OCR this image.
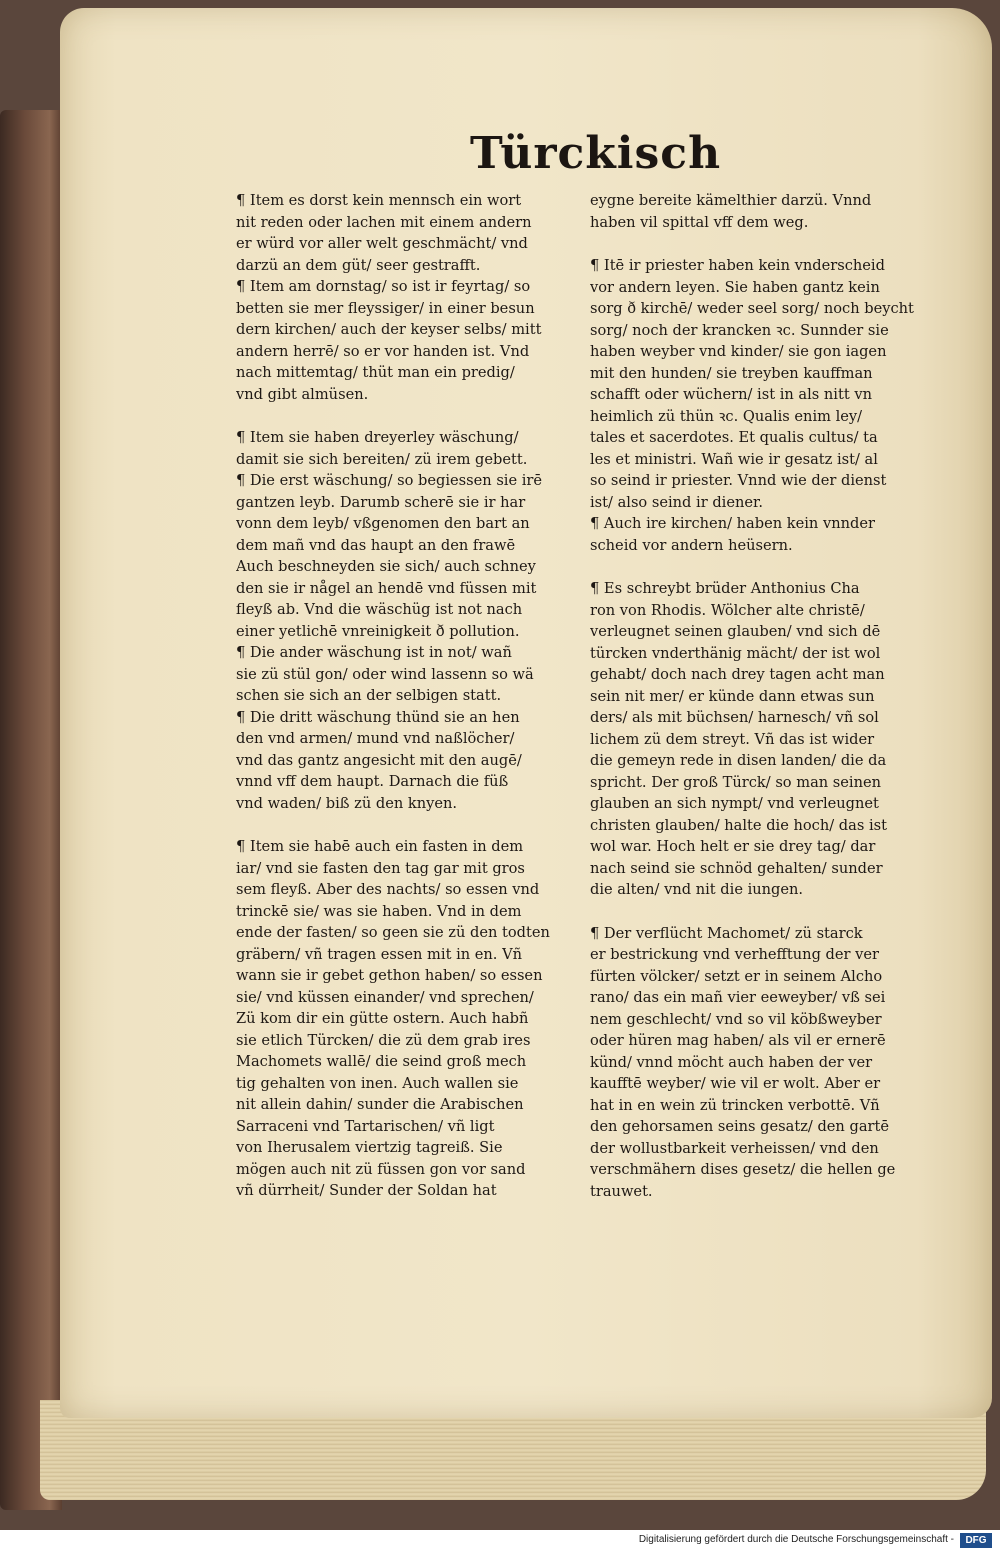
Türckisch
¶ Item es dorst kein mennsch ein wort
nit reden oder lachen mit einem andern
er würd vor aller welt geschmächt/ vnd
darzü an dem güt/ seer gestrafft.
¶ Item am dornstag/ so ist ir feyrtag/ so
betten sie mer fleyssiger/ in einer besun
dern kirchen/ auch der keyser selbs/ mitt
andern herrē/ so er vor handen ist. Vnd
nach mittemtag/ thüt man ein predig/
vnd gibt almüsen.
¶ Item sie haben dreyerley wäschung/
damit sie sich bereiten/ zü irem gebett.
¶ Die erst wäschung/ so begiessen sie irē
gantzen leyb. Darumb scherē sie ir har
vonn dem leyb/ vßgenomen den bart an
dem mañ vnd das haupt an den frawē
Auch beschneyden sie sich/ auch schney
den sie ir någel an hendē vnd füssen mit
fleyß ab. Vnd die wäschüg ist not nach
einer yetlichē vnreinigkeit ð pollution.
¶ Die ander wäschung ist in not/ wañ
sie zü stül gon/ oder wind lassenn so wä
schen sie sich an der selbigen statt.
¶ Die dritt wäschung thünd sie an hen
den vnd armen/ mund vnd naßlöcher/
vnd das gantz angesicht mit den augē/
vnnd vff dem haupt. Darnach die füß
vnd waden/ biß zü den knyen.
¶ Item sie habē auch ein fasten in dem
iar/ vnd sie fasten den tag gar mit gros
sem fleyß. Aber des nachts/ so essen vnd
trinckē sie/ was sie haben. Vnd in dem
ende der fasten/ so geen sie zü den todten
gräbern/ vñ tragen essen mit in en. Vñ
wann sie ir gebet gethon haben/ so essen
sie/ vnd küssen einander/ vnd sprechen/
Zü kom dir ein gütte ostern. Auch habñ
sie etlich Türcken/ die zü dem grab ires
Machomets wallē/ die seind groß mech
tig gehalten von inen. Auch wallen sie
nit allein dahin/ sunder die Arabischen
Sarraceni vnd Tartarischen/ vñ ligt
von Iherusalem viertzig tagreiß. Sie
mögen auch nit zü füssen gon vor sand
vñ dürrheit/ Sunder der Soldan hat
eygne bereite kämelthier darzü. Vnnd
haben vil spittal vff dem weg.
¶ Itē ir priester haben kein vnderscheid
vor andern leyen. Sie haben gantz kein
sorg ð kirchē/ weder seel sorg/ noch beycht
sorg/ noch der krancken ꝛc. Sunnder sie
haben weyber vnd kinder/ sie gon iagen
mit den hunden/ sie treyben kauffman
schafft oder wüchern/ ist in als nitt vn
heimlich zü thün ꝛc. Qualis enim ley/
tales et sacerdotes. Et qualis cultus/ ta
les et ministri. Wañ wie ir gesatz ist/ al
so seind ir priester. Vnnd wie der dienst
ist/ also seind ir diener.
¶ Auch ire kirchen/ haben kein vnnder
scheid vor andern heüsern.
¶ Es schreybt brüder Anthonius Cha
ron von Rhodis. Wölcher alte christē/
verleugnet seinen glauben/ vnd sich dē
türcken vnderthänig mächt/ der ist wol
gehabt/ doch nach drey tagen acht man
sein nit mer/ er künde dann etwas sun
ders/ als mit büchsen/ harnesch/ vñ sol
lichem zü dem streyt. Vñ das ist wider
die gemeyn rede in disen landen/ die da
spricht. Der groß Türck/ so man seinen
glauben an sich nympt/ vnd verleugnet
christen glauben/ halte die hoch/ das ist
wol war. Hoch helt er sie drey tag/ dar
nach seind sie schnöd gehalten/ sunder
die alten/ vnd nit die iungen.
¶ Der verflücht Machomet/ zü starck
er bestrickung vnd verhefftung der ver
fürten völcker/ setzt er in seinem Alcho
rano/ das ein mañ vier eeweyber/ vß sei
nem geschlecht/ vnd so vil köbßweyber
oder hüren mag haben/ als vil er ernerē
künd/ vnnd möcht auch haben der ver
kaufftē weyber/ wie vil er wolt. Aber er
hat in en wein zü trincken verbottē. Vñ
den gehorsamen seins gesatz/ den gartē
der wollustbarkeit verheissen/ vnd den
verschmähern dises gesetz/ die hellen ge
trauwet.
Digitalisierung gefördert durch die Deutsche Forschungsgemeinschaft -	DFG
